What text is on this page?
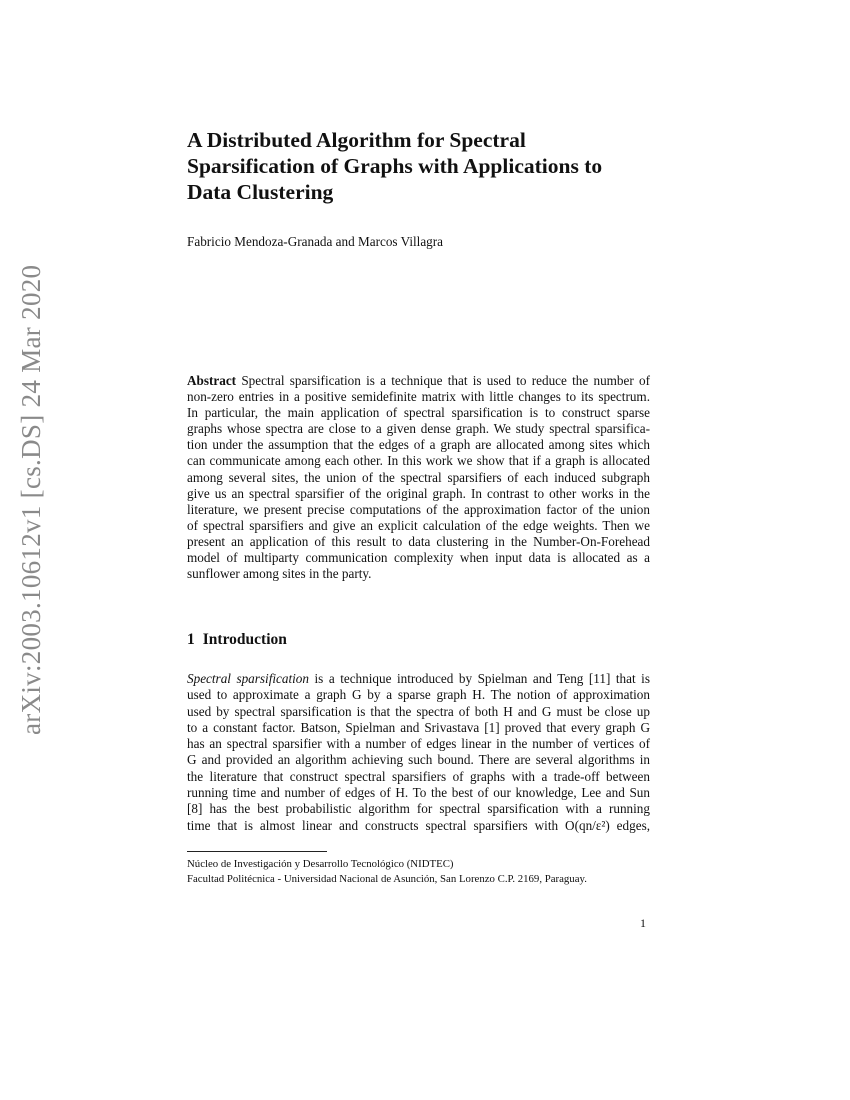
arXiv:2003.10612v1 [cs.DS] 24 Mar 2020
A Distributed Algorithm for Spectral
Sparsification of Graphs with Applications to
Data Clustering
Fabricio Mendoza-Granada and Marcos Villagra
Abstract Spectral sparsification is a technique that is used to reduce the number of
non-zero entries in a positive semidefinite matrix with little changes to its spectrum.
In particular, the main application of spectral sparsification is to construct sparse
graphs whose spectra are close to a given dense graph. We study spectral sparsifica-
tion under the assumption that the edges of a graph are allocated among sites which
can communicate among each other. In this work we show that if a graph is allocated
among several sites, the union of the spectral sparsifiers of each induced subgraph
give us an spectral sparsifier of the original graph. In contrast to other works in the
literature, we present precise computations of the approximation factor of the union
of spectral sparsifiers and give an explicit calculation of the edge weights. Then we
present an application of this result to data clustering in the Number-On-Forehead
model of multiparty communication complexity when input data is allocated as a
sunflower among sites in the party.
1 Introduction
Spectral sparsification is a technique introduced by Spielman and Teng [11] that is
used to approximate a graph G by a sparse graph H. The notion of approximation
used by spectral sparsification is that the spectra of both H and G must be close up
to a constant factor. Batson, Spielman and Srivastava [1] proved that every graph G
has an spectral sparsifier with a number of edges linear in the number of vertices of
G and provided an algorithm achieving such bound. There are several algorithms in
the literature that construct spectral sparsifiers of graphs with a trade-off between
running time and number of edges of H. To the best of our knowledge, Lee and Sun
[8] has the best probabilistic algorithm for spectral sparsification with a running
time that is almost linear and constructs spectral sparsifiers with O(qn/ε²) edges,
Núcleo de Investigación y Desarrollo Tecnológico (NIDTEC)
Facultad Politécnica - Universidad Nacional de Asunción, San Lorenzo C.P. 2169, Paraguay.
1
